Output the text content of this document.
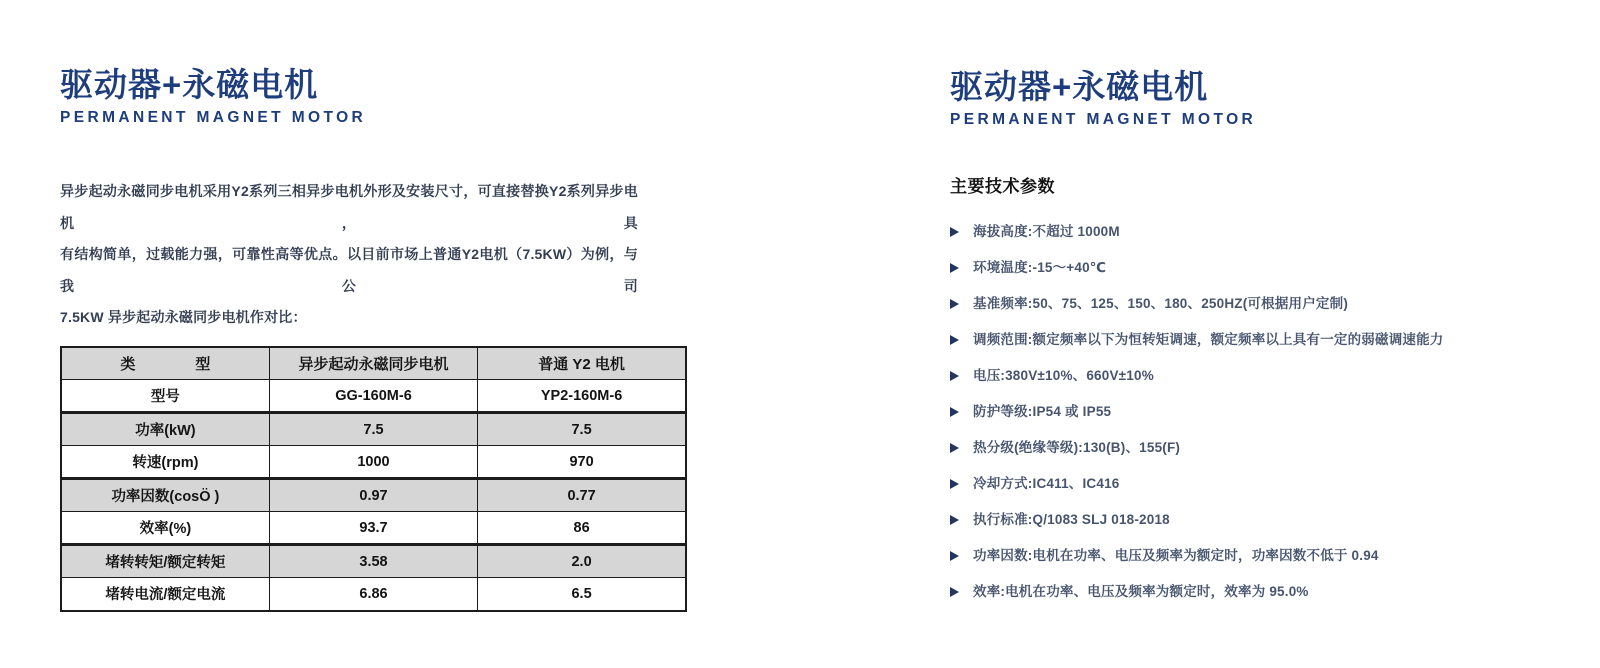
驱动器+永磁电机
PERMANENT MAGNET MOTOR
异步起动永磁同步电机采用Y2系列三相异步电机外形及安装尺寸，可直接替换Y2系列异步电机，具
有结构简单，过载能力强，可靠性高等优点。以目前市场上普通Y2电机（7.5KW）为例，与我公司
7.5KW 异步起动永磁同步电机作对比：
类　　　　型	异步起动永磁同步电机	普通 Y2 电机
型号	GG-160M-6	YP2-160M-6
功率(kW)	7.5	7.5
转速(rpm)	1000	970
功率因数(cosÖ )	0.97	0.77
效率(%)	93.7	86
堵转转矩/额定转矩	3.58	2.0
堵转电流/额定电流	6.86	6.5
驱动器+永磁电机
PERMANENT MAGNET MOTOR
主要技术参数
海拔高度:不超过 1000M
环境温度:-15～+40℃
基准频率:50、75、125、150、180、250HZ(可根据用户定制)
调频范围:额定频率以下为恒转矩调速，额定频率以上具有一定的弱磁调速能力
电压:380V±10%、660V±10%
防护等级:IP54 或 IP55
热分级(绝缘等级):130(B)、155(F)
冷却方式:IC411、IC416
执行标准:Q/1083 SLJ 018-2018
功率因数:电机在功率、电压及频率为额定时，功率因数不低于 0.94
效率:电机在功率、电压及频率为额定时，效率为 95.0%
